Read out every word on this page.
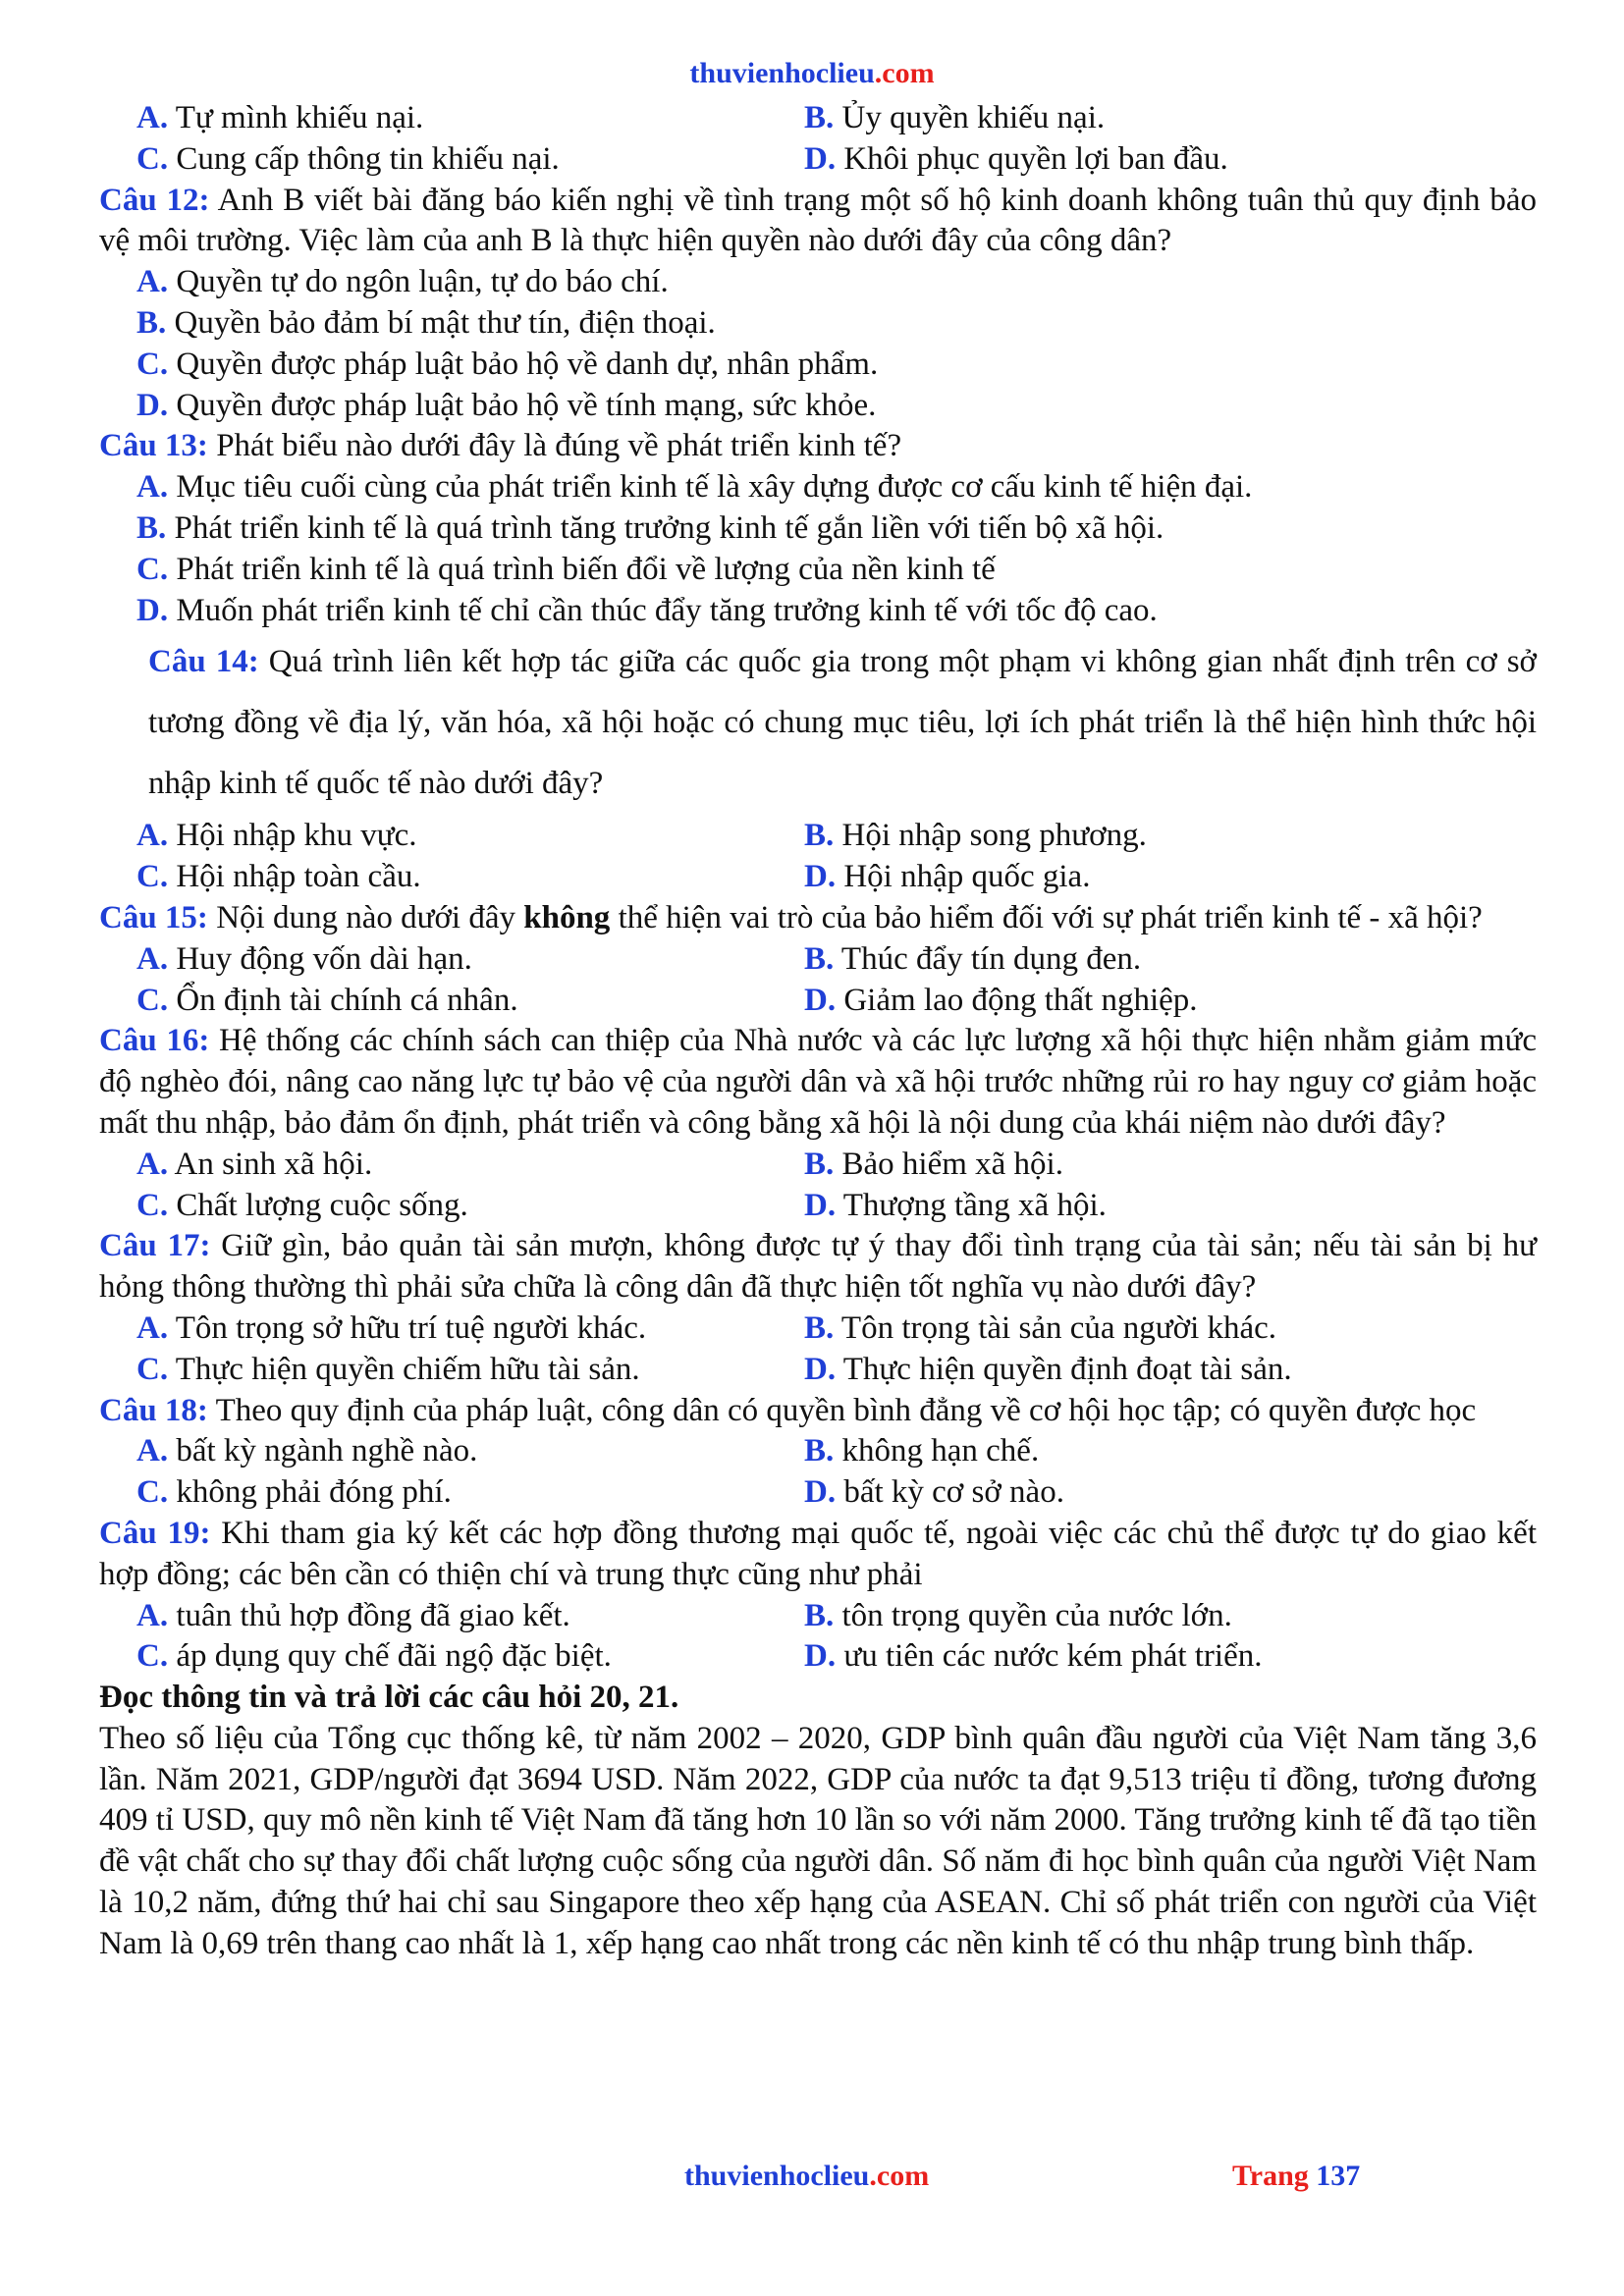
thuvienhoclieu.com
A. Tự mình khiếu nại.	B. Ủy quyền khiếu nại.
C. Cung cấp thông tin khiếu nại.	D. Khôi phục quyền lợi ban đầu.

Câu 12: Anh B viết bài đăng báo kiến nghị về tình trạng một số hộ kinh doanh không tuân thủ quy định bảo vệ môi trường. Việc làm của anh B là thực hiện quyền nào dưới đây của công dân?

A. Quyền tự do ngôn luận, tự do báo chí.
B. Quyền bảo đảm bí mật thư tín, điện thoại.
C. Quyền được pháp luật bảo hộ về danh dự, nhân phẩm.
D. Quyền được pháp luật bảo hộ về tính mạng, sức khỏe.

Câu 13: Phát biểu nào dưới đây là đúng về phát triển kinh tế?

A. Mục tiêu cuối cùng của phát triển kinh tế là xây dựng được cơ cấu kinh tế hiện đại.
B. Phát triển kinh tế là quá trình tăng trưởng kinh tế gắn liền với tiến bộ xã hội.
C. Phát triển kinh tế là quá trình biến đổi về lượng của nền kinh tế
D. Muốn phát triển kinh tế chỉ cần thúc đẩy tăng trưởng kinh tế với tốc độ cao.

Câu 14: Quá trình liên kết hợp tác giữa các quốc gia trong một phạm vi không gian nhất định trên cơ sở tương đồng về địa lý, văn hóa, xã hội hoặc có chung mục tiêu, lợi ích phát triển là thể hiện hình thức hội nhập kinh tế quốc tế nào dưới đây?

A. Hội nhập khu vực.	B. Hội nhập song phương.
C. Hội nhập toàn cầu.	D. Hội nhập quốc gia.

Câu 15: Nội dung nào dưới đây không thể hiện vai trò của bảo hiểm đối với sự phát triển kinh tế - xã hội?

A. Huy động vốn dài hạn.	B. Thúc đẩy tín dụng đen.
C. Ổn định tài chính cá nhân.	D. Giảm lao động thất nghiệp.

Câu 16: Hệ thống các chính sách can thiệp của Nhà nước và các lực lượng xã hội thực hiện nhằm giảm mức độ nghèo đói, nâng cao năng lực tự bảo vệ của người dân và xã hội trước những rủi ro hay nguy cơ giảm hoặc mất thu nhập, bảo đảm ổn định, phát triển và công bằng xã hội là nội dung của khái niệm nào dưới đây?

A. An sinh xã hội.	B. Bảo hiểm xã hội.
C. Chất lượng cuộc sống.	D. Thượng tầng xã hội.

Câu 17: Giữ gìn, bảo quản tài sản mượn, không được tự ý thay đổi tình trạng của tài sản; nếu tài sản bị hư hỏng thông thường thì phải sửa chữa là công dân đã thực hiện tốt nghĩa vụ nào dưới đây?

A. Tôn trọng sở hữu trí tuệ người khác.	B. Tôn trọng tài sản của người khác.
C. Thực hiện quyền chiếm hữu tài sản.	D. Thực hiện quyền định đoạt tài sản.

Câu 18: Theo quy định của pháp luật, công dân có quyền bình đẳng về cơ hội học tập; có quyền được học

A. bất kỳ ngành nghề nào.	B. không hạn chế.
C. không phải đóng phí.	D. bất kỳ cơ sở nào.

Câu 19: Khi tham gia ký kết các hợp đồng thương mại quốc tế, ngoài việc các chủ thể được tự do giao kết hợp đồng; các bên cần có thiện chí và trung thực cũng như phải

A. tuân thủ hợp đồng đã giao kết.	B. tôn trọng quyền của nước lớn.
C. áp dụng quy chế đãi ngộ đặc biệt.	D. ưu tiên các nước kém phát triển.

Đọc thông tin và trả lời các câu hỏi 20, 21.

Theo số liệu của Tổng cục thống kê, từ năm 2002 – 2020, GDP bình quân đầu người của Việt Nam tăng 3,6 lần. Năm 2021, GDP/người đạt 3694 USD. Năm 2022, GDP của nước ta đạt 9,513 triệu tỉ đồng, tương đương 409 tỉ USD, quy mô nền kinh tế Việt Nam đã tăng hơn 10 lần so với năm 2000. Tăng trưởng kinh tế đã tạo tiền đề vật chất cho sự thay đổi chất lượng cuộc sống của người dân. Số năm đi học bình quân của người Việt Nam là 10,2 năm, đứng thứ hai chỉ sau Singapore theo xếp hạng của ASEAN. Chỉ số phát triển con người của Việt Nam là 0,69 trên thang cao nhất là 1, xếp hạng cao nhất trong các nền kinh tế có thu nhập trung bình thấp.

thuvienhoclieu.com	Trang 137
